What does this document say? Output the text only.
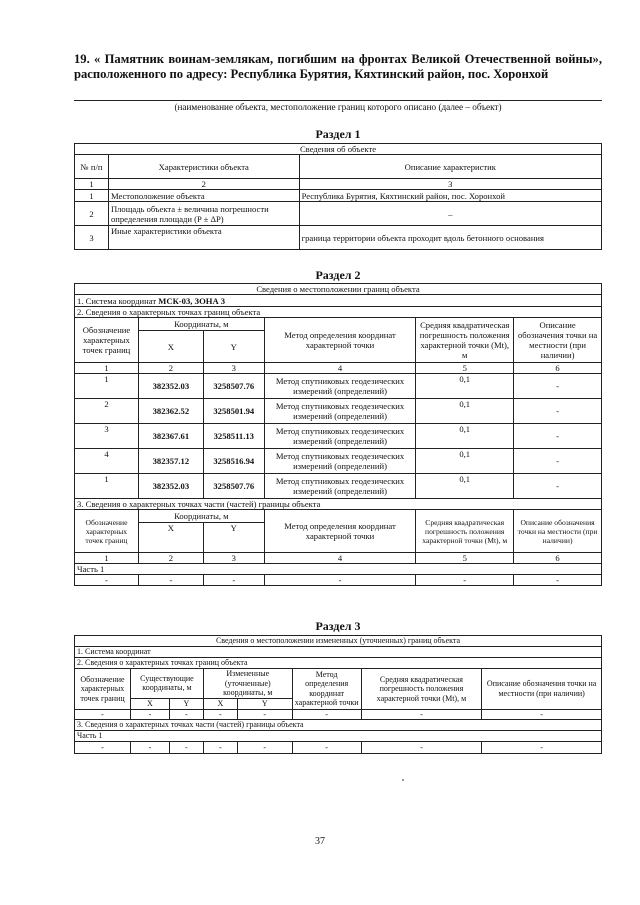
19. « Памятник воинам-землякам, погибшим на фронтах Великой Отечественной войны», расположенного по адресу: Республика Бурятия, Кяхтинский район, пос. Хоронхой
(наименование объекта, местоположение границ которого описано (далее – объект)
Раздел 1
Сведения об объекте		
№ п/п	Характеристики объекта	Описание характеристик
1	2	3
1	Местоположение объекта	Республика Бурятия, Кяхтинский район, пос. Хоронхой
2	Площадь объекта ± величина погрешности определения площади (P ± ΔP)	–
3	Иные характеристики объекта	граница территории объекта проходит вдоль бетонного основания
Раздел 2
Сведения о местоположении границ объекта					
1. Система координат МСК-03, ЗОНА 3					
2. Сведения о характерных точках границ объекта					
Обозначение характерных точек границ	Координаты, м		Метод определения координат характерной точки	Средняя квадратическая погрешность положения характерной точки (Mt), м	Описание обозначения точки на местности (при наличии)
	X	Y			
1	2	3	4	5	6
1	382352.03	3258507.76	Метод спутниковых геодезических измерений (определений)	0,1	-
2	382362.52	3258501.94	Метод спутниковых геодезических измерений (определений)	0,1	-
3	382367.61	3258511.13	Метод спутниковых геодезических измерений (определений)	0,1	-
4	382357.12	3258516.94	Метод спутниковых геодезических измерений (определений)	0,1	-
1	382352.03	3258507.76	Метод спутниковых геодезических измерений (определений)	0,1	-
3. Сведения о характерных точках части (частей) границы объекта					
Обозначение характерных точек границ	Координаты, м		Метод определения координат характерной точки	Средняя квадратическая погрешность положения характерной точки (Mt), м	Описание обозначения точки на местности (при наличии)
	X	Y			
1	2	3	4	5	6
Часть 1					
-	-	-	-	-	-
Раздел 3
Сведения о местоположении измененных (уточненных) границ объекта							
1. Система координат							
2. Сведения о характерных точках границ объекта							
Обозначение характерных точек границ	Существующие координаты, м		Измененные (уточненные) координаты, м		Метод определения координат характерной точки	Средняя квадратическая погрешность положения характерной точки (Mt), м	Описание обозначения точки на местности (при наличии)
	X	Y	X	Y			
-	-	-	-	-	-	-	-
3. Сведения о характерных точках части (частей) границы объекта							
Часть 1							
-	-	-	-	-	-	-	-
37
